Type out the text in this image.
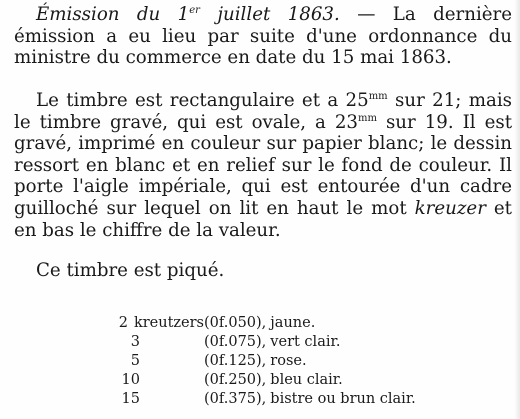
Émission du 1er juillet 1863. — La dernière émission a eu lieu par suite d'une ordonnance du ministre du commerce en date du 15 mai 1863.

Le timbre est rectangulaire et a $25^{mm}$ sur 21; mais le timbre gravé, qui est ovale, a $23^{mm}$ sur 19. Il est gravé, imprimé en couleur sur papier blanc; le dessin ressort en blanc et en relief sur le fond de couleur. Il porte l'aigle impériale, qui est entourée d'un cadre guilloché sur lequel on lit en haut le mot kreuzer et en bas le chiffre de la valeur.

Ce timbre est piqué.

2 kreutzers (0f.050), jaune.
3	(0f.075), vert clair.
5	(0f.125), rose.
10	(0f.250), bleu clair.
15	(0f.375), bistre ou brun clair.
